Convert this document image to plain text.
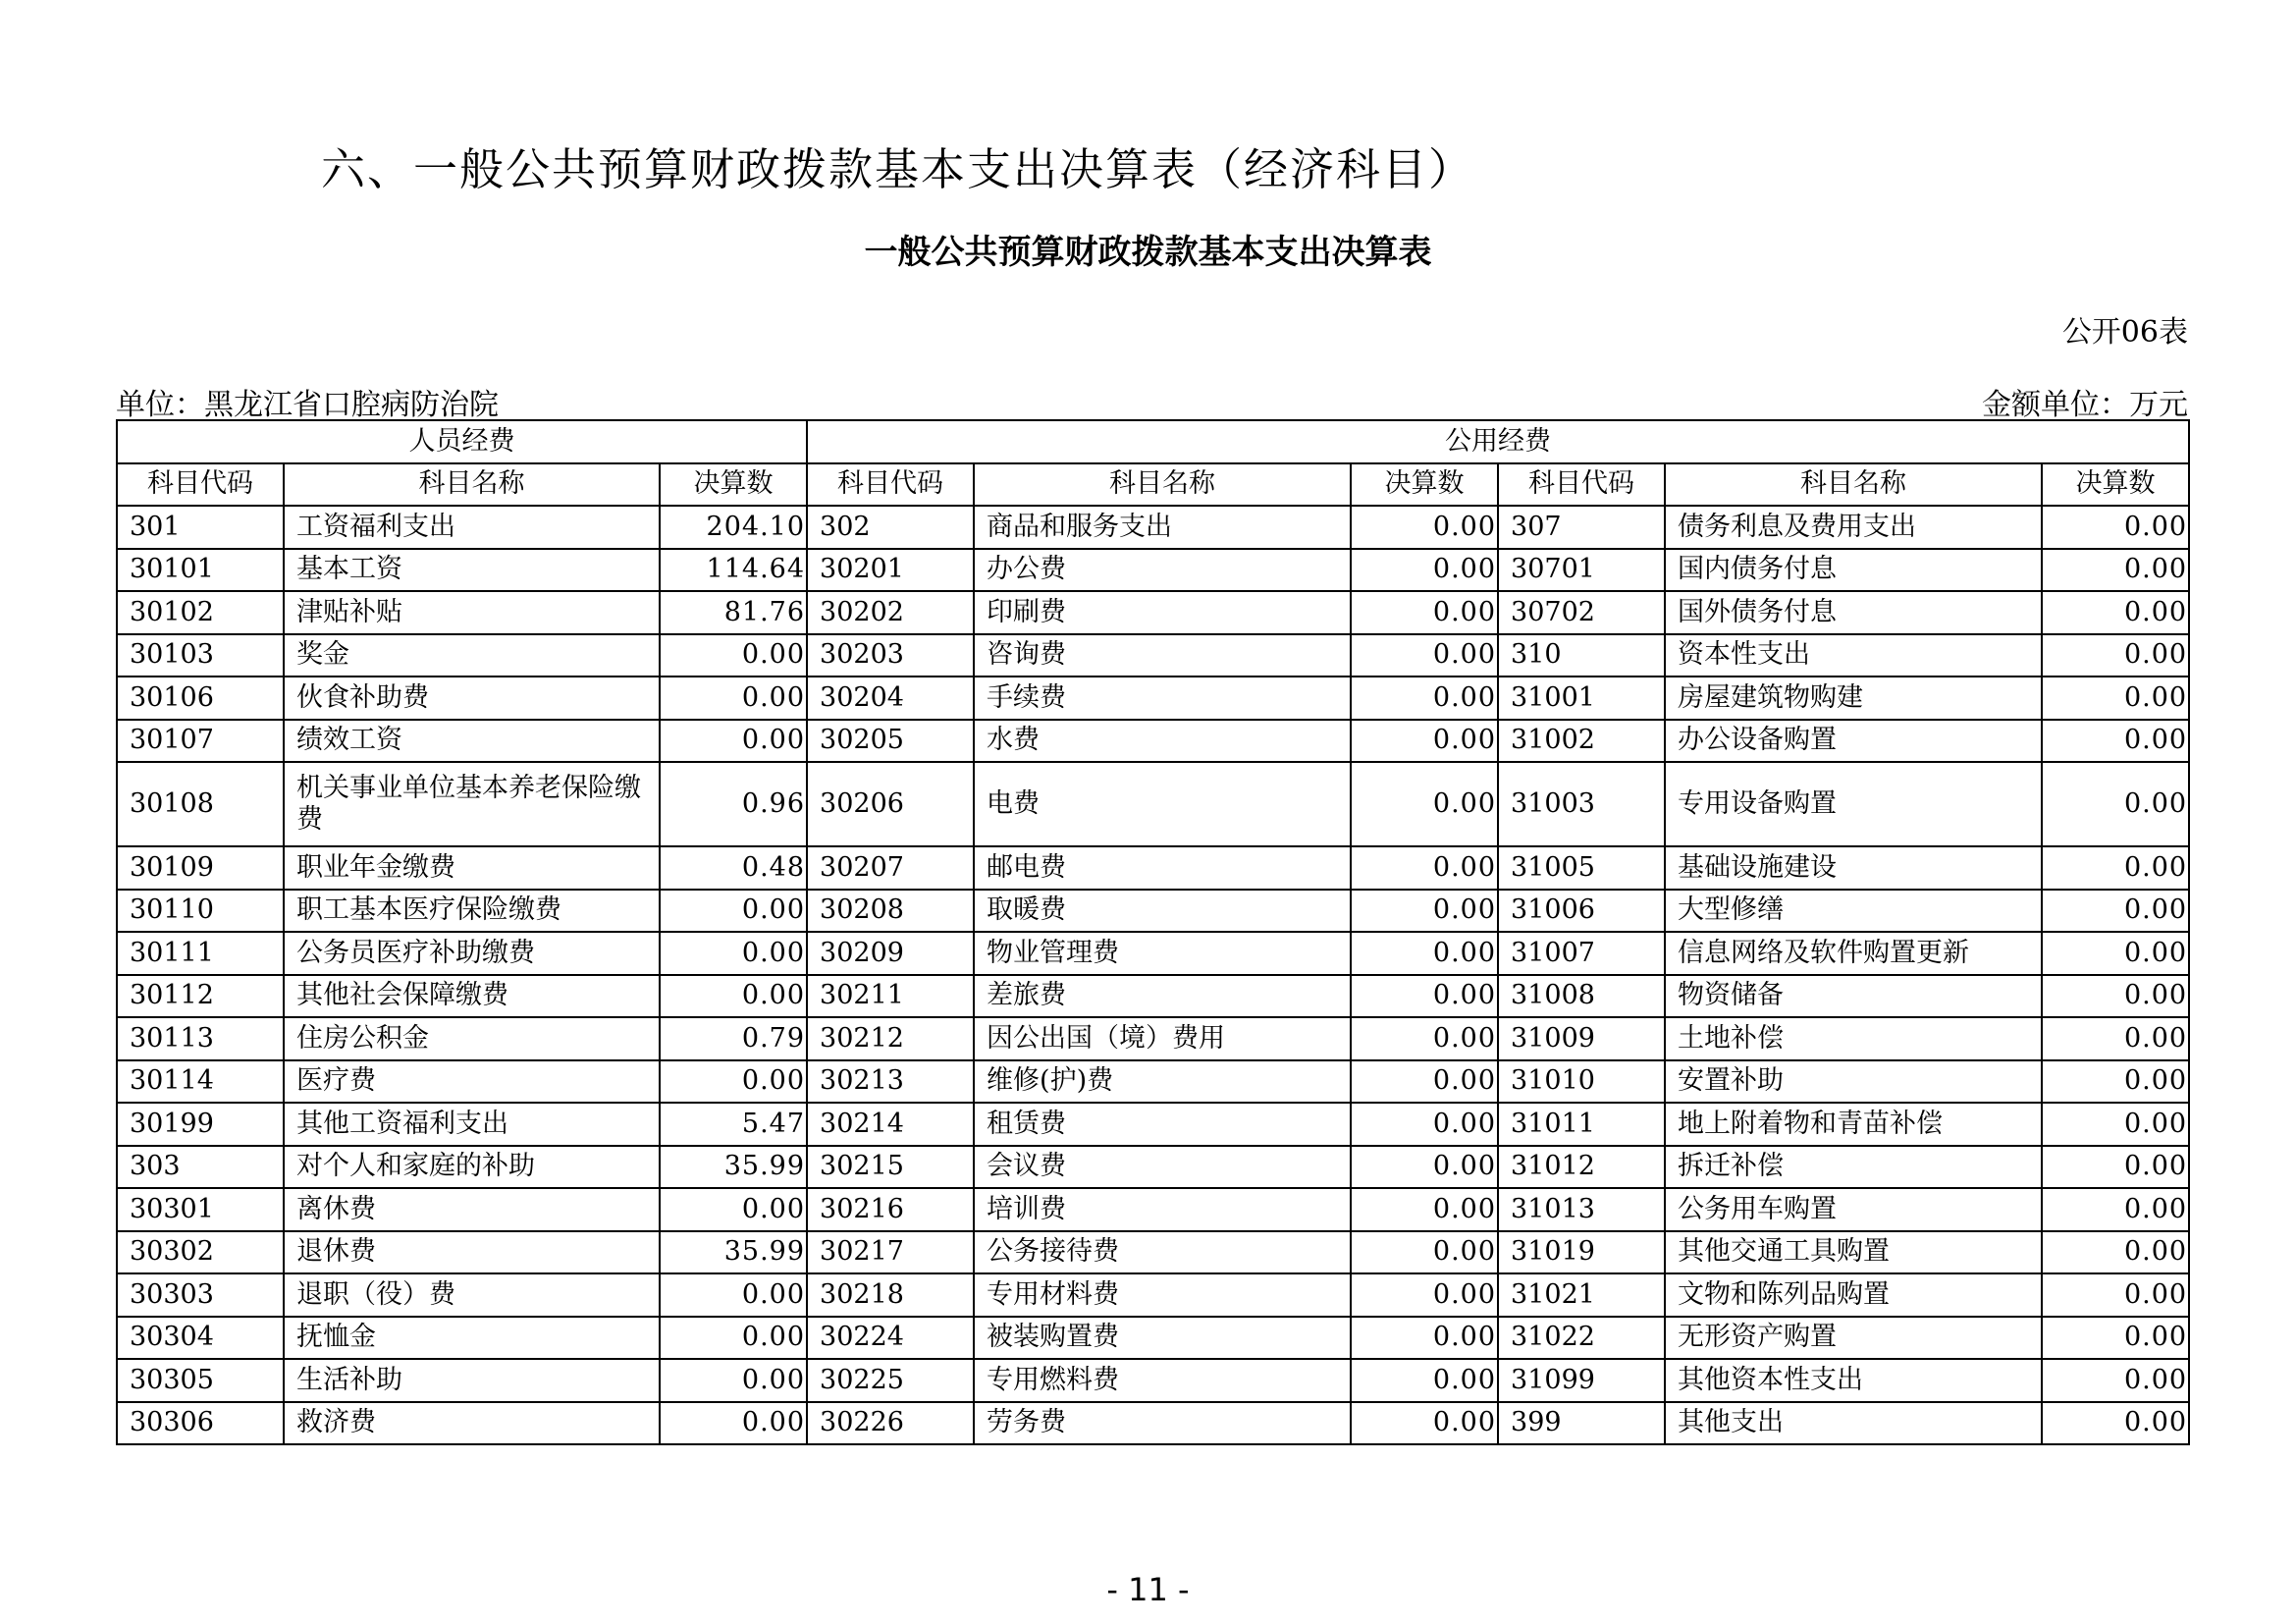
六、一般公共预算财政拨款基本支出决算表（经济科目）
一般公共预算财政拨款基本支出决算表
公开06表
单位：黑龙江省口腔病防治院	金额单位：万元
人员经费			公用经费					
科目代码	科目名称	决算数	科目代码	科目名称	决算数	科目代码	科目名称	决算数
301	工资福利支出	204.10	302	商品和服务支出	0.00	307	债务利息及费用支出	0.00
30101	基本工资	114.64	30201	办公费	0.00	30701	国内债务付息	0.00
30102	津贴补贴	81.76	30202	印刷费	0.00	30702	国外债务付息	0.00
30103	奖金	0.00	30203	咨询费	0.00	310	资本性支出	0.00
30106	伙食补助费	0.00	30204	手续费	0.00	31001	房屋建筑物购建	0.00
30107	绩效工资	0.00	30205	水费	0.00	31002	办公设备购置	0.00
30108	机关事业单位基本养老保险缴费	0.96	30206	电费	0.00	31003	专用设备购置	0.00
30109	职业年金缴费	0.48	30207	邮电费	0.00	31005	基础设施建设	0.00
30110	职工基本医疗保险缴费	0.00	30208	取暖费	0.00	31006	大型修缮	0.00
30111	公务员医疗补助缴费	0.00	30209	物业管理费	0.00	31007	信息网络及软件购置更新	0.00
30112	其他社会保障缴费	0.00	30211	差旅费	0.00	31008	物资储备	0.00
30113	住房公积金	0.79	30212	因公出国（境）费用	0.00	31009	土地补偿	0.00
30114	医疗费	0.00	30213	维修(护)费	0.00	31010	安置补助	0.00
30199	其他工资福利支出	5.47	30214	租赁费	0.00	31011	地上附着物和青苗补偿	0.00
303	对个人和家庭的补助	35.99	30215	会议费	0.00	31012	拆迁补偿	0.00
30301	离休费	0.00	30216	培训费	0.00	31013	公务用车购置	0.00
30302	退休费	35.99	30217	公务接待费	0.00	31019	其他交通工具购置	0.00
30303	退职（役）费	0.00	30218	专用材料费	0.00	31021	文物和陈列品购置	0.00
30304	抚恤金	0.00	30224	被装购置费	0.00	31022	无形资产购置	0.00
30305	生活补助	0.00	30225	专用燃料费	0.00	31099	其他资本性支出	0.00
30306	救济费	0.00	30226	劳务费	0.00	399	其他支出	0.00
- 11 -
